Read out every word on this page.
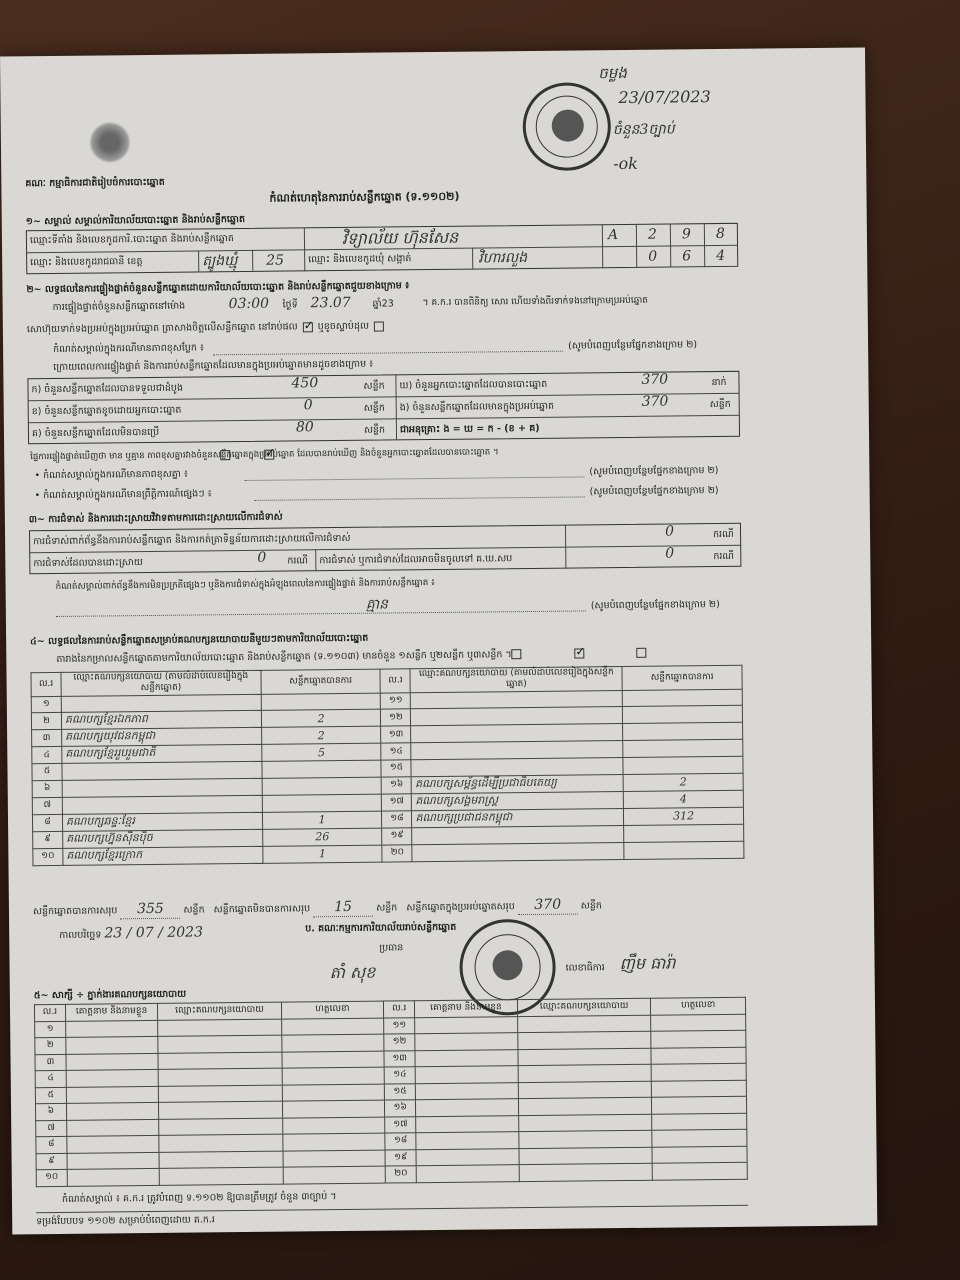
ចម្លង
23/07/2023
ចំនួន3ច្បាប់
-ok
គណៈ កម្មាធិការជាតិរៀបចំការបោះឆ្នោត
កំណត់ហេតុនៃការរាប់សន្លឹកឆ្នោត (ទ.១១០២)
១~ សម្គាល់ សម្គាល់ការិយាល័យបោះឆ្នោត និងរាប់សន្លឹកឆ្នោត
ឈ្មោះទីតាំង និងលេខកូដការិ.បោះឆ្នោត និងរាប់សន្លឹកឆ្នោត	វិទ្យាល័យ ហ៊ុនសែន	A 2 9 8
ឈ្មោះ និងលេខកូដរាជធានី ខេត្ត	ត្បូងឃ្មុំ 25	ឈ្មោះ និងលេខកូដឃុំ សង្កាត់	វិហារលួង	0 6 4
២~ លទ្ធផលនៃការផ្ទៀងផ្ទាត់ចំនួនសន្លឹកឆ្នោតដោយការិយាល័យបោះឆ្នោត និងរាប់សន្លឹកឆ្នោតជួយខាងក្រោម ៖
ការផ្ទៀងផ្ទាត់ចំនួនសន្លឹកឆ្នោតនៅម៉ោង	03:00 ថ្ងៃទី 23.07 ឆ្នាំ23	។ គ.ក.រ បានពិនិត្យ សោរ ហើយទាំងពីរទាក់ទងនៅក្រោមប្រអប់ឆ្នោត
សោហ៊ុយទាក់ទងប្រអប់ក្នុងប្រអប់ឆ្នោត ត្រាសាងចិត្តលើសន្លឹកឆ្នោត នៅរាប់ផល ✓ ឬខូចស្ទាប់ដុល
កំណត់សម្គាល់ក្នុងករណីមានភាពខុសប្លែក ៖	(សូមបំពេញបន្ថែមផ្នែកខាងក្រោម ២)
ក្រោយពេលការផ្ទៀងផ្ទាត់ និងការរាប់សន្លឹកឆ្នោតដែលមានក្នុងប្រអប់ឆ្នោតមានដូចខាងក្រោម ៖
ក) ចំនួនសន្លឹកឆ្នោតដែលបានទទួលជាដំបូង	450	សន្លឹក
ខ) ចំនួនសន្លឹកឆ្នោតខូចដោយអ្នកបោះឆ្នោត	0	សន្លឹក
គ) ចំនួនសន្លឹកឆ្នោតដែលមិនបានប្រើ	80	សន្លឹក
ឃ) ចំនួនអ្នកបោះឆ្នោតដែលបានបោះឆ្នោត	370	នាក់
ង) ចំនួនសន្លឹកឆ្នោតដែលមានក្នុងប្រអប់ឆ្នោត	370	សន្លឹក
ជាអនុគ្រោះ ង = ឃ = ក - (ខ + គ)
ផ្ទៃការផ្ទៀងផ្ទាត់ឃើញថា មាន ឬគ្មាន ភាពខុសគ្នារវាងចំនួនសន្លឹកឆ្នោតក្នុងប្រអប់ឆ្នោត ដែលបានរាប់ឃើញ និងចំនួនអ្នកបោះឆ្នោតដែលបានបោះឆ្នោត ។
✓
• កំណត់សម្គាល់ក្នុងករណីមានភាពខុសគ្នា ៖	(សូមបំពេញបន្ថែមផ្នែកខាងក្រោម ២)
• កំណត់សម្គាល់ក្នុងករណីមានព្រឹត្តិការណ៍ផ្សេងៗ ៖	(សូមបំពេញបន្ថែមផ្នែកខាងក្រោម ២)
៣~ ការជំទាស់ និងការដោះស្រាយវិវាទតាមការដោះស្រាយលើការជំទាស់
ការជំទាស់ពាក់ព័ន្ធនឹងការរាប់សន្លឹកឆ្នោត និងការកត់ត្រាទិន្នន័យការដោះស្រាយលើការជំទាស់
0	ករណី
ការជំទាស់ដែលបានដោះស្រាយ	0 ករណី ការជំទាស់ ឬការជំទាស់ដែលអាចមិនចូលទៅ គ.ឃ.សប	0	ករណី
កំណត់សម្គាល់ពាក់ព័ន្ធនឹងការមិនប្រក្រតីផ្សេងៗ ឬនិងការជំទាស់ក្នុងអំឡុងពេលនៃការផ្ទៀងផ្ទាត់ និងការរាប់សន្លឹកឆ្នោត ៖
គ្មាន	(សូមបំពេញបន្ថែមផ្នែកខាងក្រោម ២)
៤~ លទ្ធផលនៃការរាប់សន្លឹកឆ្នោតសម្រាប់គណបក្សនយោបាយនីមួយៗតាមការិយាល័យបោះឆ្នោត
តារាងនៃកម្រាលសន្លឹកឆ្នោតតាមការិយាល័យបោះឆ្នោត និងរាប់សន្លឹកឆ្នោត (ទ.១១០៣) មានចំនួន ១សន្លឹក ឬ២សន្លឹក ឬ៣សន្លឹក ។
✓
ល.រ	ឈ្មោះគណបក្សនយោបាយ (តាមលំដាប់លេខរៀងក្នុងសន្លឹកឆ្នោត)	សន្លឹកឆ្នោតបានការ	ល.រ	ឈ្មោះគណបក្សនយោបាយ (តាមលំដាប់លេខរៀងក្នុងសន្លឹកឆ្នោត)	សន្លឹកឆ្នោតបានការ
១			១១		
២	គណបក្សខ្មែរឯកភាព	2	១២		
៣	គណបក្សយុវជនកម្ពុជា	2	១៣		
៤	គណបក្សខ្មែររួបរួមជាតិ	5	១៤		
៥			១៥		
៦			១៦	គណបក្សសម្ព័ន្ធដើម្បីប្រជាធិបតេយ្យ	2
៧			១៧	គណបក្សសង្គមរាស្ត្រ	4
៨	គណបក្សឆន្ទៈខ្មែរ	1	១៨	គណបក្សប្រជាជនកម្ពុជា	312
៩	គណបក្សហ្វ៊ុនស៊ិនប៉ិច	26	១៩		
១០	គណបក្សខ្មែរក្រោក	1	២០		
សន្លឹកឆ្នោតបានការសរុប 355 សន្លឹក សន្លឹកឆ្នោតមិនបានការសរុប 15	សន្លឹក សន្លឹកឆ្នោតក្នុងប្រអប់ឆ្នោតសរុប 370 សន្លឹក
កាលបរិច្ឆេទ 23 / 07 / 2023	ប. គណៈកម្មការការិយាល័យរាប់សន្លឹកឆ្នោត
ប្រធាន
តាំ សុខ	លេខាធិការ ញឹម ធារ៉ា
៥~ សាក្សី ÷ ភ្នាក់ងារគណបក្សនយោបាយ
ល.រ	គោត្តនាម និងនាមខ្លួន	ឈ្មោះគណបក្សនយោបាយ	ហត្ថលេខា	ល.រ	គោត្តនាម និងនាមខ្លួន	ឈ្មោះគណបក្សនយោបាយ	ហត្ថលេខា
១				១១			
២				១២			
៣				១៣			
៤				១៤			
៥				១៥			
៦				១៦			
៧				១៧			
៨				១៨			
៩				១៩			
១០				២០			
កំណត់សម្គាល់ ៖ គ.ក.រ ត្រូវបំពេញ ទ.១១០២ ឱ្យបានត្រឹមត្រូវ ចំនួន ៣ច្បាប់ ។
ទម្រង់បែបបទ ១១០២ សម្រាប់បំពេញដោយ គ.ក.រ
